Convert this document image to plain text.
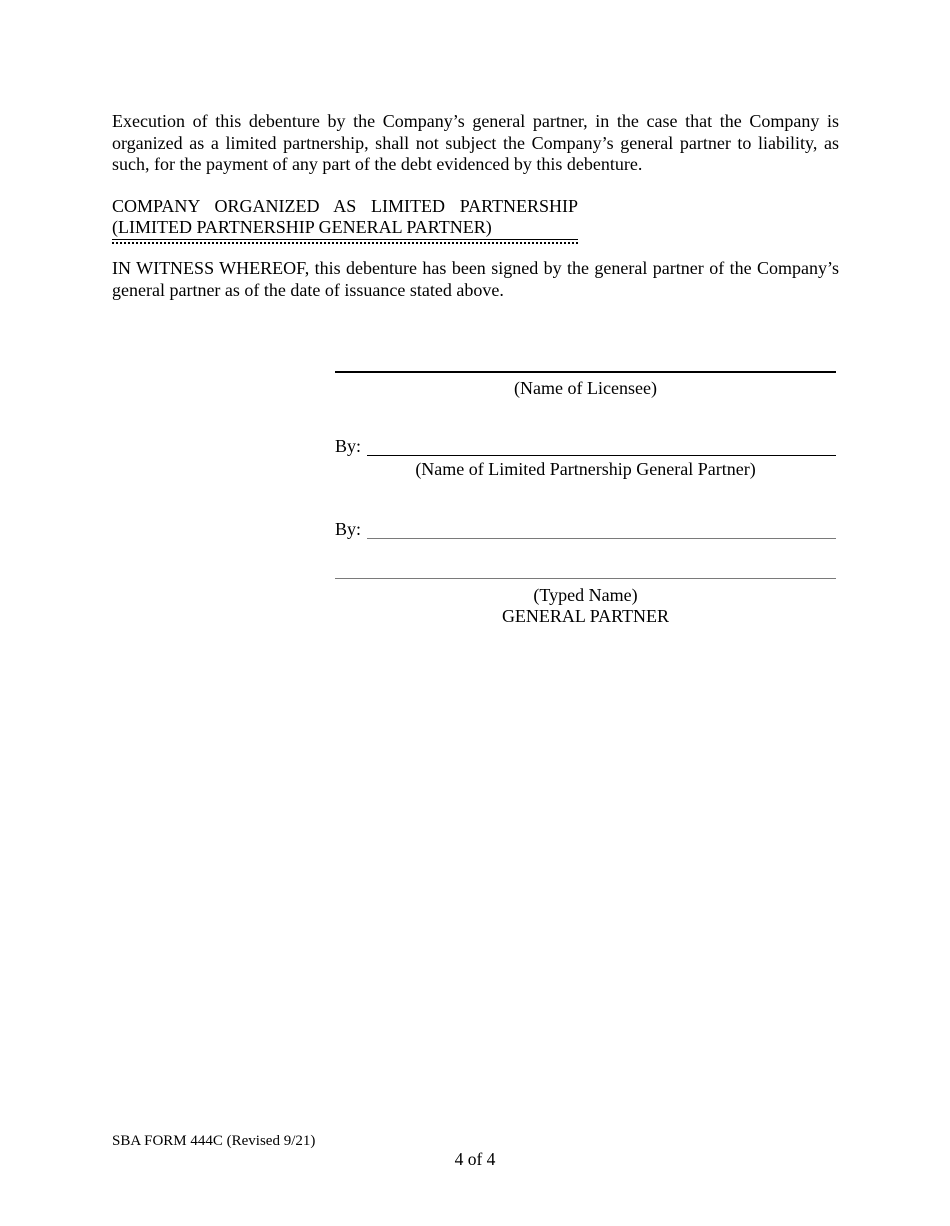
Execution of this debenture by the Company’s general partner, in the case that the Company is organized as a limited partnership, shall not subject the Company’s general partner to liability, as such, for the payment of any part of the debt evidenced by this debenture.

COMPANY ORGANIZED AS LIMITED PARTNERSHIP
(LIMITED PARTNERSHIP GENERAL PARTNER)

IN WITNESS WHEREOF, this debenture has been signed by the general partner of the Company’s general partner as of the date of issuance stated above.

(Name of Licensee)
By:
(Name of Limited Partnership General Partner)
By:
(Typed Name)
GENERAL PARTNER
SBA FORM 444C (Revised 9/21)
4 of 4
